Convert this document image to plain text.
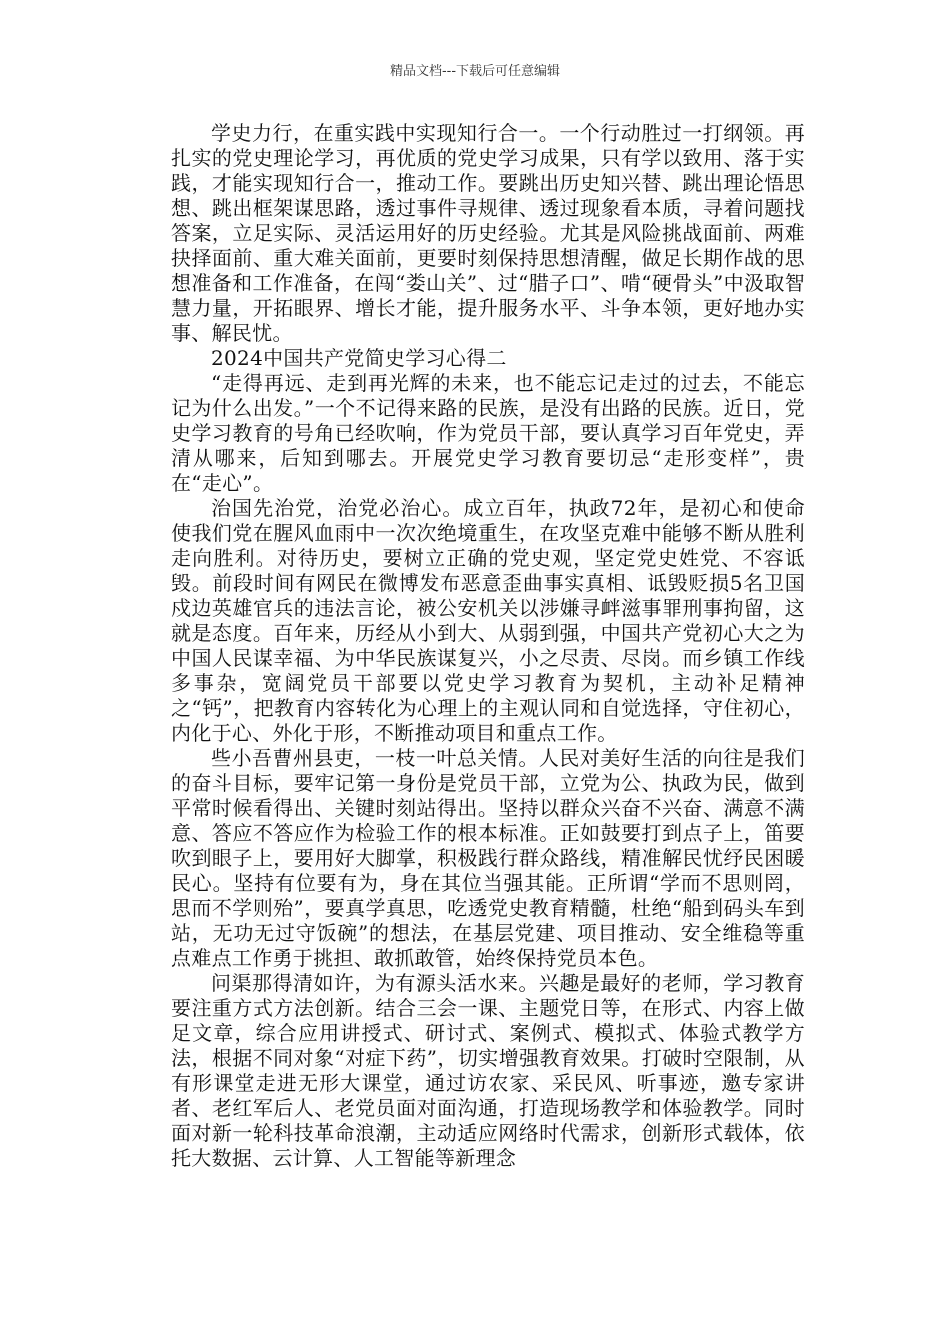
精品文档---下载后可任意编辑

学史力行，在重实践中实现知行合一。一个行动胜过一打纲领。再扎实的党史理论学习，再优质的党史学习成果，只有学以致用、落于实践，才能实现知行合一，推动工作。要跳出历史知兴替、跳出理论悟思想、跳出框架谋思路，透过事件寻规律、透过现象看本质，寻着问题找答案，立足实际、灵活运用好的历史经验。尤其是风险挑战面前、两难抉择面前、重大难关面前，更要时刻保持思想清醒，做足长期作战的思想准备和工作准备，在闯“娄山关”、过“腊子口”、啃“硬骨头”中汲取智慧力量，开拓眼界、增长才能，提升服务水平、斗争本领，更好地办实事、解民忧。

2024中国共产党简史学习心得二

“走得再远、走到再光辉的未来，也不能忘记走过的过去，不能忘记为什么出发。”一个不记得来路的民族，是没有出路的民族。近日，党史学习教育的号角已经吹响，作为党员干部，要认真学习百年党史，弄清从哪来，后知到哪去。开展党史学习教育要切忌“走形变样”，贵在“走心”。

治国先治党，治党必治心。成立百年，执政72年，是初心和使命使我们党在腥风血雨中一次次绝境重生，在攻坚克难中能够不断从胜利走向胜利。对待历史，要树立正确的党史观，坚定党史姓党、不容诋毁。前段时间有网民在微博发布恶意歪曲事实真相、诋毁贬损5名卫国戍边英雄官兵的违法言论，被公安机关以涉嫌寻衅滋事罪刑事拘留，这就是态度。百年来，历经从小到大、从弱到强，中国共产党初心大之为中国人民谋幸福、为中华民族谋复兴，小之尽责、尽岗。而乡镇工作线多事杂，宽阔党员干部要以党史学习教育为契机，主动补足精神之“钙”，把教育内容转化为心理上的主观认同和自觉选择，守住初心，内化于心、外化于形，不断推动项目和重点工作。

些小吾曹州县吏，一枝一叶总关情。人民对美好生活的向往是我们的奋斗目标，要牢记第一身份是党员干部，立党为公、执政为民，做到平常时候看得出、关键时刻站得出。坚持以群众兴奋不兴奋、满意不满意、答应不答应作为检验工作的根本标准。正如鼓要打到点子上，笛要吹到眼子上，要用好大脚掌，积极践行群众路线，精准解民忧纾民困暖民心。坚持有位要有为，身在其位当强其能。正所谓“学而不思则罔，思而不学则殆”，要真学真思，吃透党史教育精髓，杜绝“船到码头车到站，无功无过守饭碗”的想法，在基层党建、项目推动、安全维稳等重点难点工作勇于挑担、敢抓敢管，始终保持党员本色。

问渠那得清如许，为有源头活水来。兴趣是最好的老师，学习教育要注重方式方法创新。结合三会一课、主题党日等，在形式、内容上做足文章，综合应用讲授式、研讨式、案例式、模拟式、体验式教学方法，根据不同对象“对症下药”，切实增强教育效果。打破时空限制，从有形课堂走进无形大课堂，通过访农家、采民风、听事迹，邀专家讲者、老红军后人、老党员面对面沟通，打造现场教学和体验教学。同时面对新一轮科技革命浪潮，主动适应网络时代需求，创新形式载体，依托大数据、云计算、人工智能等新理念
